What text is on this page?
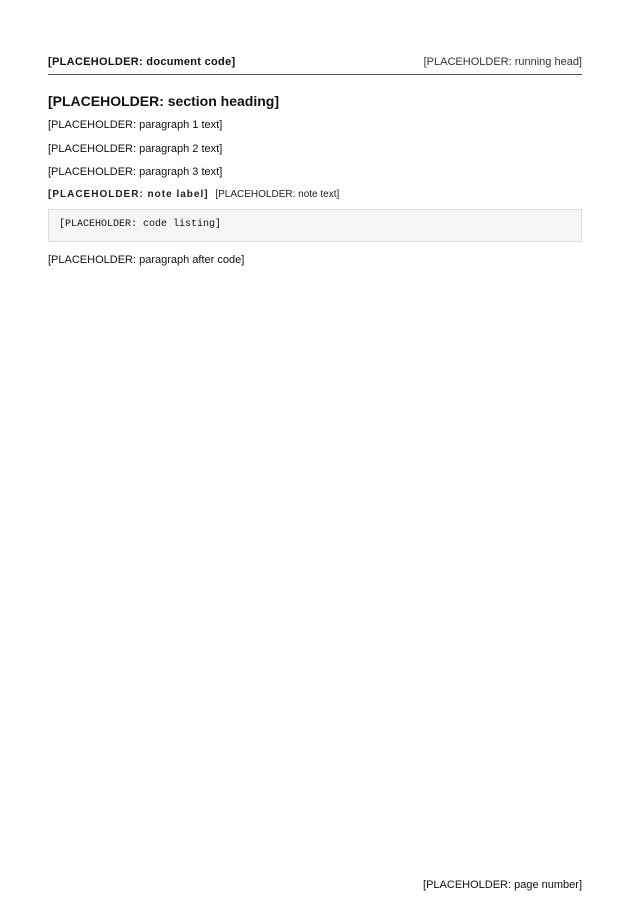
[PLACEHOLDER: document code]	[PLACEHOLDER: running head]
[PLACEHOLDER: section heading]

[PLACEHOLDER: paragraph 1 text]

[PLACEHOLDER: paragraph 2 text]

[PLACEHOLDER: paragraph 3 text]

[PLACEHOLDER: note label] [PLACEHOLDER: note text]

[PLACEHOLDER: code listing]

[PLACEHOLDER: paragraph after code]

[PLACEHOLDER: page number]
